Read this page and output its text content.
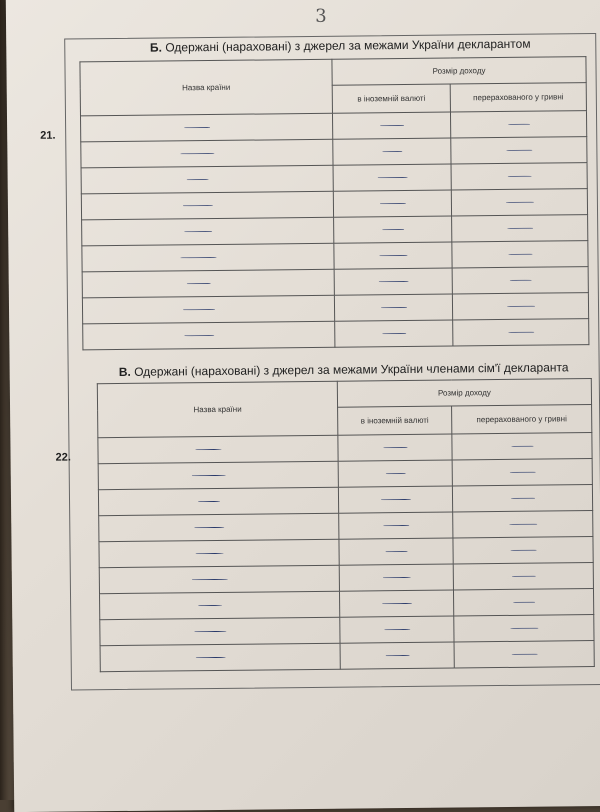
3
Б. Одержані (нараховані) з джерел за межами України декларантом
21.
Назва країни	Розмір доходу	
	в іноземній валюті	перерахованого у гривні

В. Одержані (нараховані) з джерел за межами України членами сім'ї декларанта
22.
Назва країни	Розмір доходу	
	в іноземній валюті	перерахованого у гривні
